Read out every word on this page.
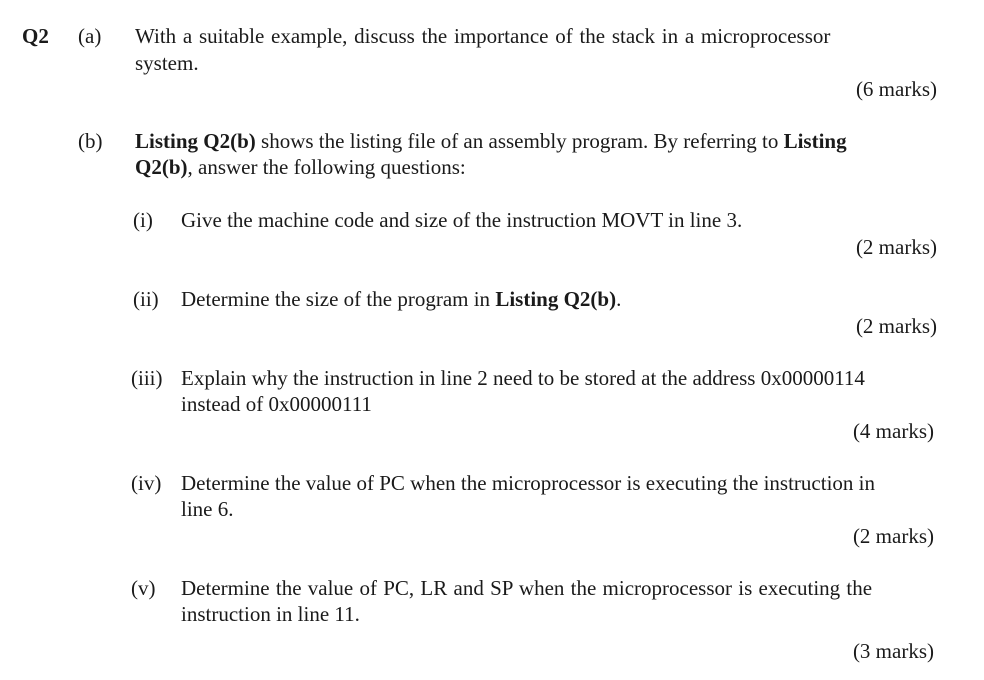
Q2 (a) With a suitable example, discuss the importance of the stack in a microprocessor
system.
(6 marks)
(b) Listing Q2(b) shows the listing file of an assembly program. By referring to Listing
Q2(b), answer the following questions:
(i) Give the machine code and size of the instruction MOVT in line 3.
(2 marks)
(ii) Determine the size of the program in Listing Q2(b).
(2 marks)
(iii) Explain why the instruction in line 2 need to be stored at the address 0x00000114
instead of 0x00000111
(4 marks)
(iv) Determine the value of PC when the microprocessor is executing the instruction in
line 6.
(2 marks)
(v) Determine the value of PC, LR and SP when the microprocessor is executing the
instruction in line 11.
(3 marks)
